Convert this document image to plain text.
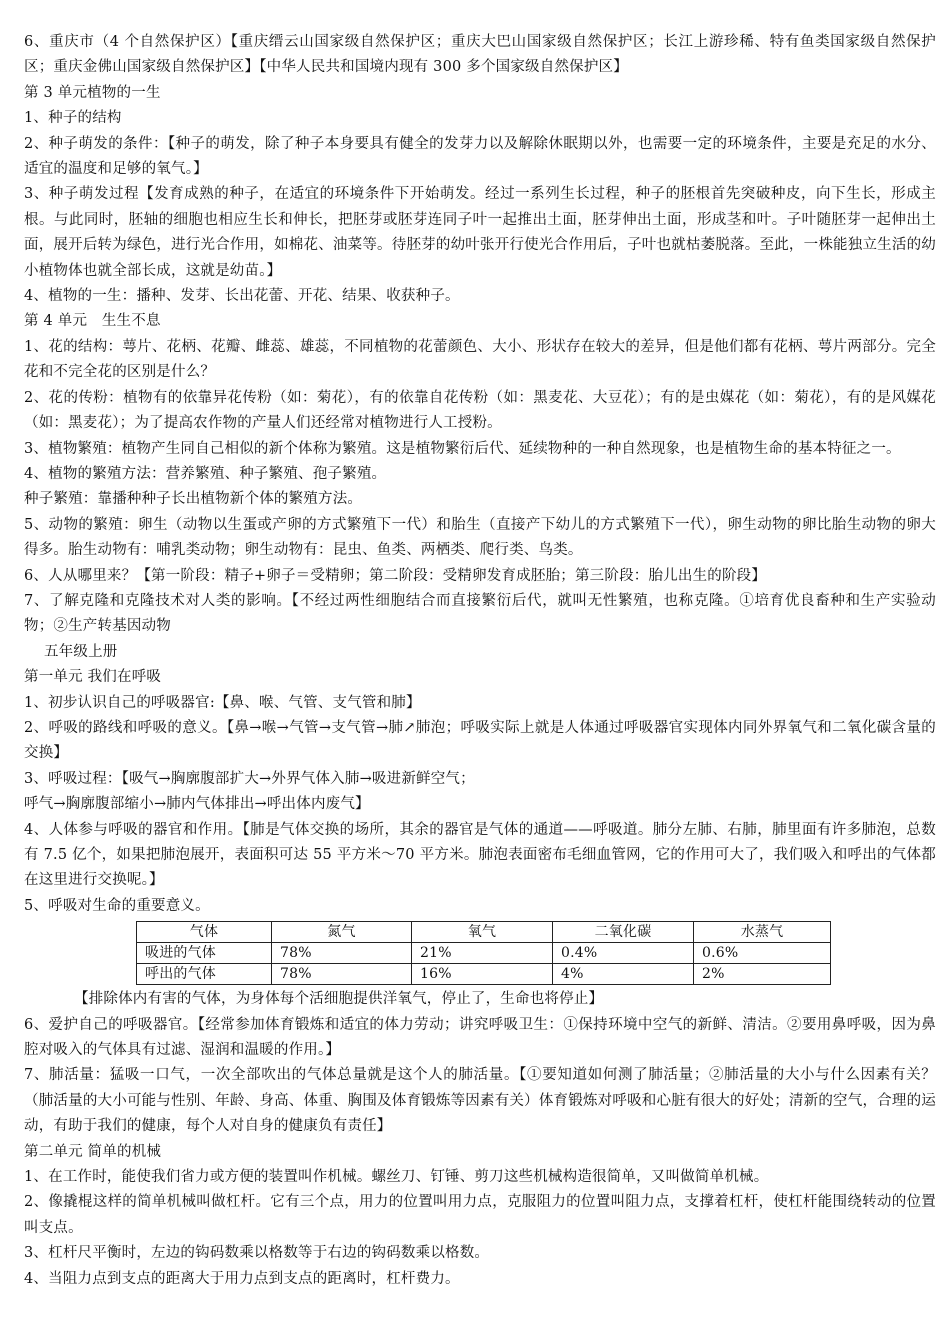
6、重庆市（4 个自然保护区）【重庆缙云山国家级自然保护区；重庆大巴山国家级自然保护区；长江上游珍稀、特有鱼类国家级自然保护区；重庆金佛山国家级自然保护区】【中华人民共和国境内现有 300 多个国家级自然保护区】

第 3 单元植物的一生

1、种子的结构

2、种子萌发的条件：【种子的萌发，除了种子本身要具有健全的发芽力以及解除休眠期以外，也需要一定的环境条件，主要是充足的水分、适宜的温度和足够的氧气。】

3、种子萌发过程【发育成熟的种子，在适宜的环境条件下开始萌发。经过一系列生长过程，种子的胚根首先突破种皮，向下生长，形成主根。与此同时，胚轴的细胞也相应生长和伸长，把胚芽或胚芽连同子叶一起推出土面，胚芽伸出土面，形成茎和叶。子叶随胚芽一起伸出土面，展开后转为绿色，进行光合作用，如棉花、油菜等。待胚芽的幼叶张开行使光合作用后，子叶也就枯萎脱落。至此，一株能独立生活的幼小植物体也就全部长成，这就是幼苗。】

4、植物的一生：播种、发芽、长出花蕾、开花、结果、收获种子。

第 4 单元　生生不息

1、花的结构：萼片、花柄、花瓣、雌蕊、雄蕊，不同植物的花蕾颜色、大小、形状存在较大的差异，但是他们都有花柄、萼片两部分。完全花和不完全花的区别是什么？

2、花的传粉：植物有的依靠异花传粉（如：菊花），有的依靠自花传粉（如：黑麦花、大豆花）；有的是虫媒花（如：菊花），有的是风媒花（如：黑麦花）；为了提高农作物的产量人们还经常对植物进行人工授粉。

3、植物繁殖：植物产生同自己相似的新个体称为繁殖。这是植物繁衍后代、延续物种的一种自然现象，也是植物生命的基本特征之一。

4、植物的繁殖方法：营养繁殖、种子繁殖、孢子繁殖。

种子繁殖：靠播种种子长出植物新个体的繁殖方法。

5、动物的繁殖：卵生（动物以生蛋或产卵的方式繁殖下一代）和胎生（直接产下幼儿的方式繁殖下一代），卵生动物的卵比胎生动物的卵大得多。胎生动物有：哺乳类动物；卵生动物有：昆虫、鱼类、两栖类、爬行类、鸟类。

6、人从哪里来？【第一阶段：精子+卵子＝受精卵；第二阶段：受精卵发育成胚胎；第三阶段：胎儿出生的阶段】

7、了解克隆和克隆技术对人类的影响。【不经过两性细胞结合而直接繁衍后代，就叫无性繁殖，也称克隆。①培育优良畜种和生产实验动物；②生产转基因动物

五年级上册

第一单元 我们在呼吸

1、初步认识自己的呼吸器官:【鼻、喉、气管、支气管和肺】

2、呼吸的路线和呼吸的意义。【鼻→喉→气管→支气管→肺↗肺泡；呼吸实际上就是人体通过呼吸器官实现体内同外界氧气和二氧化碳含量的交换】

3、呼吸过程：【吸气→胸廓腹部扩大→外界气体入肺→吸进新鲜空气；

呼气→胸廓腹部缩小→肺内气体排出→呼出体内废气】

4、人体参与呼吸的器官和作用。【肺是气体交换的场所，其余的器官是气体的通道——呼吸道。肺分左肺、右肺，肺里面有许多肺泡，总数有 7.5 亿个，如果把肺泡展开，表面积可达 55 平方米～70 平方米。肺泡表面密布毛细血管网，它的作用可大了，我们吸入和呼出的气体都在这里进行交换呢。】

5、呼吸对生命的重要意义。

气体	氮气	氧气	二氧化碳	水蒸气
吸进的气体	78%	21%	0.4%	0.6%
呼出的气体	78%	16%	4%	2%

【排除体内有害的气体，为身体每个活细胞提供洋氧气，停止了，生命也将停止】

6、爱护自己的呼吸器官。【经常参加体育锻炼和适宜的体力劳动；讲究呼吸卫生：①保持环境中空气的新鲜、清洁。②要用鼻呼吸，因为鼻腔对吸入的气体具有过滤、湿润和温暖的作用。】

7、肺活量：猛吸一口气，一次全部吹出的气体总量就是这个人的肺活量。【①要知道如何测了肺活量；②肺活量的大小与什么因素有关？（肺活量的大小可能与性别、年龄、身高、体重、胸围及体育锻炼等因素有关）体育锻炼对呼吸和心脏有很大的好处；清新的空气，合理的运动，有助于我们的健康，每个人对自身的健康负有责任】

第二单元 简单的机械

1、在工作时，能使我们省力或方便的装置叫作机械。螺丝刀、钉锤、剪刀这些机械构造很简单，又叫做简单机械。

2、像撬棍这样的简单机械叫做杠杆。它有三个点，用力的位置叫用力点，克服阻力的位置叫阻力点，支撑着杠杆，使杠杆能围绕转动的位置叫支点。

3、杠杆尺平衡时，左边的钩码数乘以格数等于右边的钩码数乘以格数。

4、当阻力点到支点的距离大于用力点到支点的距离时，杠杆费力。
